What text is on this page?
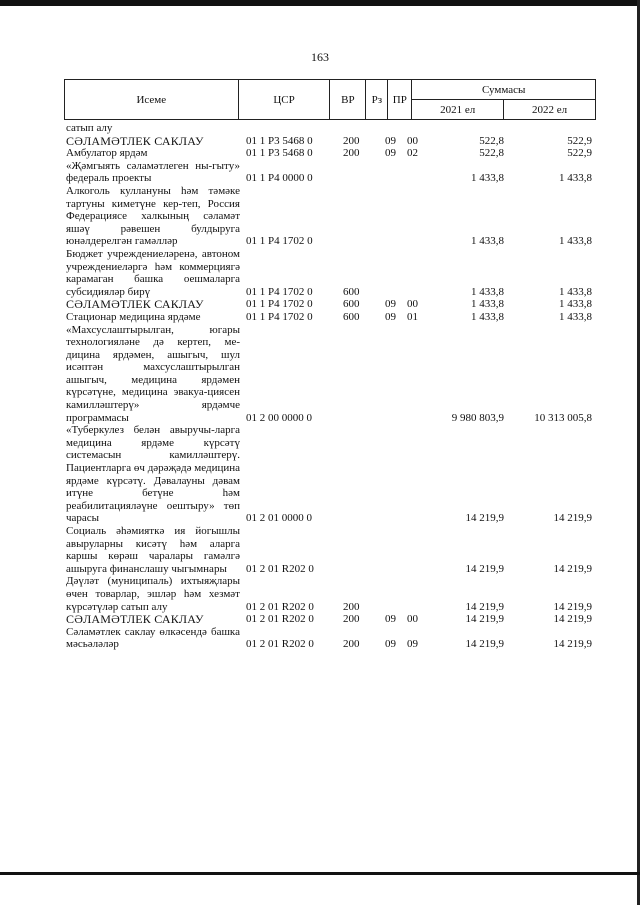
163
Исеме	ЦСР	ВР	Рз	ПР	Суммасы	
					2021 ел	2022 ел
сатып алу
СӘЛАМӘТЛЕК САКЛАУ	01 1 P3 5468 0	200 09 00	522,8	522,9
Амбулатор ярдәм	01 1 P3 5468 0	200 09 02	522,8	522,9
«Җәмгыять сәламәтлеген ны-гыту» федераль проекты	01 1 P4 0000 0	1 433,8	1 433,8
Алкоголь куллануны һәм тәмәке тартуны киметүне кер-теп, Россия Федерациясе халкының сәламәт яшәү рәвешен булдыруга юнәлдерелгән гамәлләр	01 1 P4 1702 0	1 433,8	1 433,8
Бюджет учреждениеләренә, автоном учреждениеләргә һәм коммерциягә карамаган башка оешмаларга субсидияләр бирү	01 1 P4 1702 0	600	1 433,8	1 433,8
СӘЛАМӘТЛЕК САКЛАУ	01 1 P4 1702 0	600 09 00	1 433,8	1 433,8
Стационар медицина ярдәме	01 1 P4 1702 0	600 09 01	1 433,8	1 433,8
«Махсуслаштырылган, югары технологияләне дә кертеп, ме-дицина ярдәмен, ашыгыч, шул исәптән махсуслаштырылган ашыгыч, медицина ярдәмен күрсәтүне, медицина эвакуа-циясен камилләштерү» ярдәмче программасы	01 2 00 0000 0	9 980 803,9	10 313 005,8
«Туберкулез белән авыручы-ларга медицина ярдәме күрсәтү системасын камилләштерү. Пациентларга өч дәрәҗәдә медицина ярдәме күрсәтү. Дәвалауны дәвам итүне бетүне һәм реабилитацияләүне оештыру» төп чарасы	01 2 01 0000 0	14 219,9	14 219,9
Социаль әһәмияткә ия йогышлы авыруларны кисәтү һәм аларга каршы көрәш чаралары гамәлгә ашыруга финанслашу чыгымнары	01 2 01 R202 0	14 219,9	14 219,9
Дәүләт (муниципаль) ихтыяҗлары өчен товарлар, эшләр һәм хезмәт күрсәтүләр сатып алу	01 2 01 R202 0	200	14 219,9	14 219,9
СӘЛАМӘТЛЕК САКЛАУ	01 2 01 R202 0	200 09 00	14 219,9	14 219,9
Сәламәтлек саклау өлкәсендә башка мәсьәләләр	01 2 01 R202 0	200 09 09	14 219,9	14 219,9
